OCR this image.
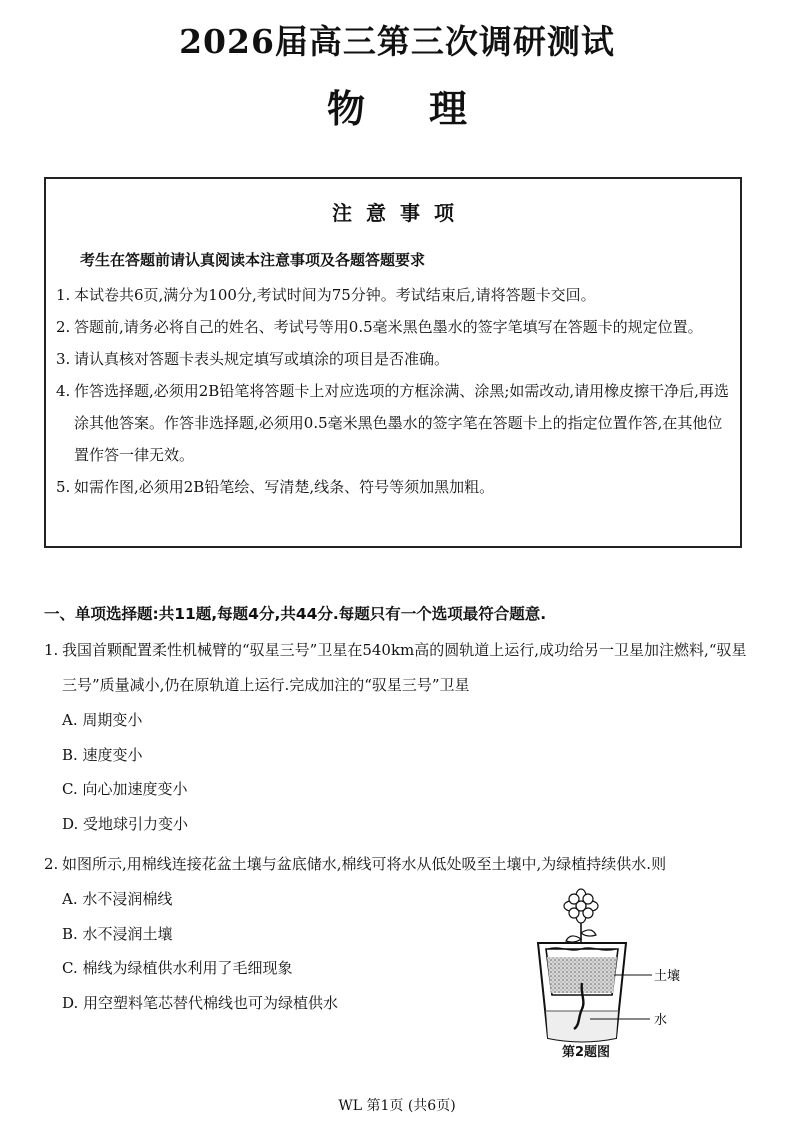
2026届高三第三次调研测试
物理
注意事项
考生在答题前请认真阅读本注意事项及各题答题要求
1. 本试卷共6页,满分为100分,考试时间为75分钟。考试结束后,请将答题卡交回。
2. 答题前,请务必将自己的姓名、考试号等用0.5毫米黑色墨水的签字笔填写在答题卡的规定位置。
3. 请认真核对答题卡表头规定填写或填涂的项目是否准确。
4. 作答选择题,必须用2B铅笔将答题卡上对应选项的方框涂满、涂黑;如需改动,请用橡皮擦干净后,再选涂其他答案。作答非选择题,必须用0.5毫米黑色墨水的签字笔在答题卡上的指定位置作答,在其他位置作答一律无效。
5. 如需作图,必须用2B铅笔绘、写清楚,线条、符号等须加黑加粗。
一、单项选择题:共11题,每题4分,共44分.每题只有一个选项最符合题意.
1. 我国首颗配置柔性机械臂的“驭星三号”卫星在540km高的圆轨道上运行,成功给另一卫星加注燃料,“驭星三号”质量减小,仍在原轨道上运行.完成加注的“驭星三号”卫星
A. 周期变小
B. 速度变小
C. 向心加速度变小
D. 受地球引力变小
2. 如图所示,用棉线连接花盆土壤与盆底储水,棉线可将水从低处吸至土壤中,为绿植持续供水.则
A. 水不浸润棉线
B. 水不浸润土壤
C. 棉线为绿植供水利用了毛细现象
D. 用空塑料笔芯替代棉线也可为绿植供水
土壤
水
第2题图
WL 第1页 (共6页)
